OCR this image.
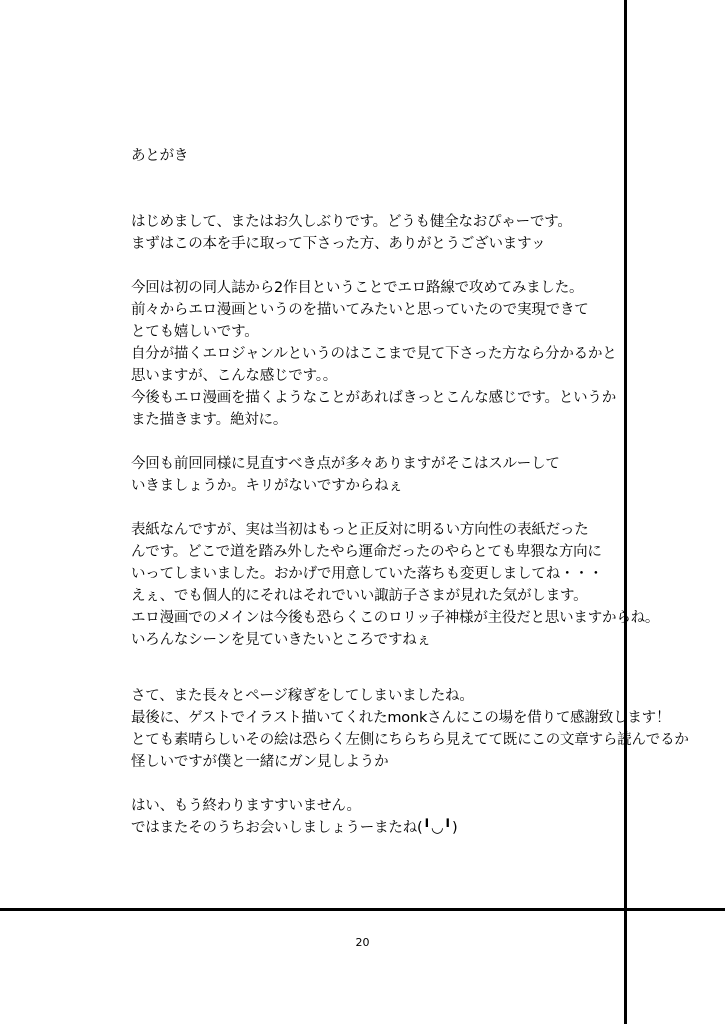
あとがき
はじめまして、またはお久しぶりです。どうも健全なおぴゃーです。
まずはこの本を手に取って下さった方、ありがとうございますッ
今回は初の同人誌から2作目ということでエロ路線で攻めてみました。
前々からエロ漫画というのを描いてみたいと思っていたので実現できて
とても嬉しいです。
自分が描くエロジャンルというのはここまで見て下さった方なら分かるかと
思いますが、こんな感じです。。
今後もエロ漫画を描くようなことがあればきっとこんな感じです。というか
また描きます。絶対に。
今回も前回同様に見直すべき点が多々ありますがそこはスルーして
いきましょうか。キリがないですからねぇ
表紙なんですが、実は当初はもっと正反対に明るい方向性の表紙だった
んです。どこで道を踏み外したやら運命だったのやらとても卑猥な方向に
いってしまいました。おかげで用意していた落ちも変更しましてね・・・
えぇ、でも個人的にそれはそれでいい諏訪子さまが見れた気がします。
エロ漫画でのメインは今後も恐らくこのロリッ子神様が主役だと思いますからね。
いろんなシーンを見ていきたいところですねぇ
さて、また長々とページ稼ぎをしてしまいましたね。
最後に、ゲストでイラスト描いてくれたmonkさんにこの場を借りて感謝致します！
とても素晴らしいその絵は恐らく左側にちらちら見えてて既にこの文章すら読んでるか
怪しいですが僕と一緒にガン見しようか
はい、もう終わりますすいません。
ではまたそのうちお会いしましょうーまたね(╹◡╹)
20
